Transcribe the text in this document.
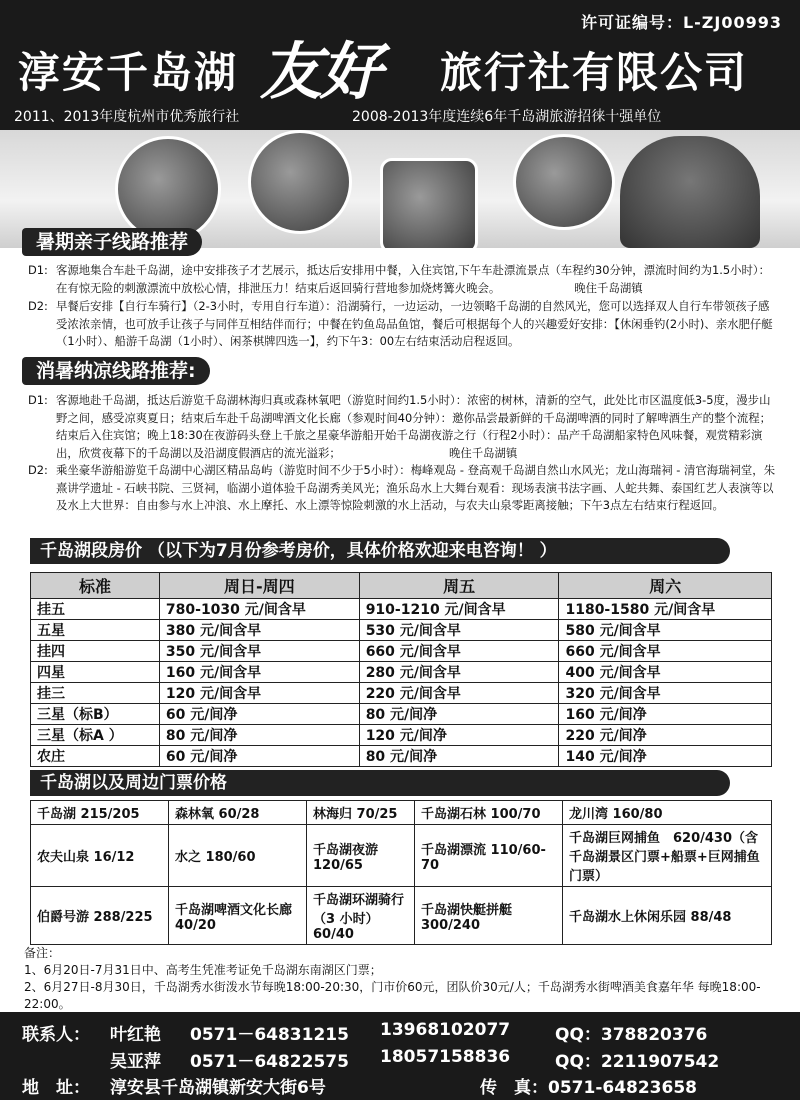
许可证编号：L-ZJ00993
淳安千岛湖 友好 旅行社有限公司
2011、2013年度杭州市优秀旅行社	2008-2013年度连续6年千岛湖旅游招徕十强单位
暑期亲子线路推荐
D1: 客源地集合车赴千岛湖，途中安排孩子才艺展示，抵达后安排用中餐，入住宾馆,下午车赴漂流景点（车程约30分钟，漂流时间约为1.5小时）：在有惊无险的刺激漂流中放松心情，排泄压力！结束后返回骑行营地参加烧烤篝火晚会。　　　　　　　晚住千岛湖镇
D2: 早餐后安排【自行车骑行】（2-3小时，专用自行车道）：沿湖骑行，一边运动，一边领略千岛湖的自然风光，您可以选择双人自行车带领孩子感受浓浓亲情，也可放手让孩子与同伴互相结伴而行；中餐在钓鱼岛品鱼馆，餐后可根据每个人的兴趣爱好安排：【休闲垂钓(2小时)、亲水肥仔艇（1小时）、船游千岛湖（1小时）、闲茶棋牌四选一】，约下午3：00左右结束活动启程返回。
消暑纳凉线路推荐:
D1: 客源地赴千岛湖，抵达后游览千岛湖林海归真或森林氧吧（游览时间约1.5小时）：浓密的树林，清新的空气，此处比市区温度低3-5度，漫步山野之间，感受凉爽夏日；结束后车赴千岛湖啤酒文化长廊（参观时间40分钟）：邀你品尝最新鲜的千岛湖啤酒的同时了解啤酒生产的整个流程；结束后入住宾馆；晚上18:30在夜游码头登上千旅之星豪华游船开始千岛湖夜游之行（行程2小时）：品产千岛湖船家特色风味餐，观赏精彩演出，欣赏夜幕下的千岛湖以及沿湖度假酒店的流光溢彩；　　　　　　　　　　晚住千岛湖镇
D2: 乘坐豪华游船游览千岛湖中心湖区精品岛屿（游览时间不少于5小时）：梅峰观岛 - 登高观千岛湖自然山水风光；龙山海瑞祠 - 清官海瑞祠堂，朱熹讲学遗址 - 石峡书院、三贤祠，临湖小道体验千岛湖秀美风光；渔乐岛水上大舞台观看：现场表演书法字画、人蛇共舞、泰国红艺人表演等以及水上大世界：自由参与水上冲浪、水上摩托、水上漂等惊险刺激的水上活动，与农夫山泉零距离接触；下午3点左右结束行程返回。
千岛湖段房价 （以下为7月份参考房价，具体价格欢迎来电咨询！ ）
标准	周日-周四	周五	周六
挂五	780-1030 元/间含早	910-1210 元/间含早	1180-1580 元/间含早
五星	380 元/间含早	530 元/间含早	580 元/间含早
挂四	350 元/间含早	660 元/间含早	660 元/间含早
四星	160 元/间含早	280 元/间含早	400 元/间含早
挂三	120 元/间含早	220 元/间含早	320 元/间含早
三星（标B）	60 元/间净	80 元/间净	160 元/间净
三星（标A ）	80 元/间净	120 元/间净	220 元/间净
农庄	60 元/间净	80 元/间净	140 元/间净
千岛湖以及周边门票价格
千岛湖 215/205	森林氧 60/28	林海归 70/25	千岛湖石林 100/70	龙川湾 160/80
农夫山泉 16/12	水之 180/60	千岛湖夜游 120/65	千岛湖漂流 110/60-70	千岛湖巨网捕鱼　620/430（含千岛湖景区门票+船票+巨网捕鱼门票）
伯爵号游 288/225	千岛湖啤酒文化长廊 40/20	千岛湖环湖骑行（3 小时）60/40	千岛湖快艇拼艇 300/240	千岛湖水上休闲乐园 88/48
备注：
1、6月20日-7月31日中、高考生凭准考证免千岛湖东南湖区门票；
2、6月27日-8月30日，千岛湖秀水街泼水节每晚18:00-20:30，门市价60元，团队价30元/人；千岛湖秀水街啤酒美食嘉年华 每晚18:00-22:00。
联系人： 叶红艳 0571－64831215 13968102077	QQ：378820376
吴亚萍 0571－64822575 18057158836	QQ：2211907542
地　址： 淳安县千岛湖镇新安大街6号	传　真：0571-64823658
